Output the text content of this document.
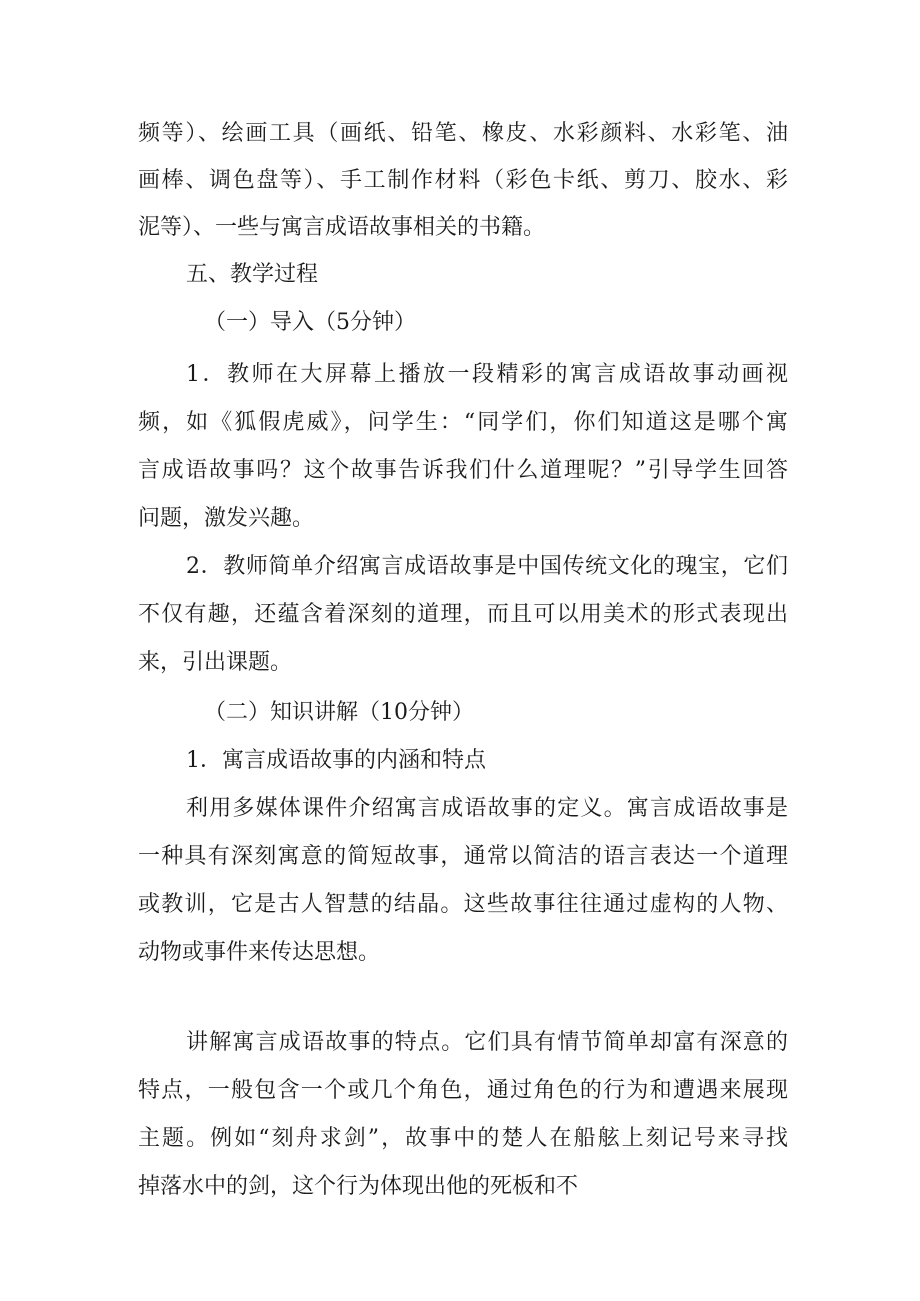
频等）、绘画工具（画纸、铅笔、橡皮、水彩颜料、水彩笔、油
画棒、调色盘等）、手工制作材料（彩色卡纸、剪刀、胶水、彩
泥等）、一些与寓言成语故事相关的书籍。
五、教学过程
（一）导入（5分钟）
1．教师在大屏幕上播放一段精彩的寓言成语故事动画视
频，如《狐假虎威》，问学生：“同学们，你们知道这是哪个寓
言成语故事吗？这个故事告诉我们什么道理呢？”引导学生回答
问题，激发兴趣。
2．教师简单介绍寓言成语故事是中国传统文化的瑰宝，它们
不仅有趣，还蕴含着深刻的道理，而且可以用美术的形式表现出
来，引出课题。
（二）知识讲解（10分钟）
1．寓言成语故事的内涵和特点
利用多媒体课件介绍寓言成语故事的定义。寓言成语故事是
一种具有深刻寓意的简短故事，通常以简洁的语言表达一个道理
或教训，它是古人智慧的结晶。这些故事往往通过虚构的人物、
动物或事件来传达思想。
讲解寓言成语故事的特点。它们具有情节简单却富有深意的
特点，一般包含一个或几个角色，通过角色的行为和遭遇来展现
主题。例如“刻舟求剑”，故事中的楚人在船舷上刻记号来寻找
掉落水中的剑，这个行为体现出他的死板和不
